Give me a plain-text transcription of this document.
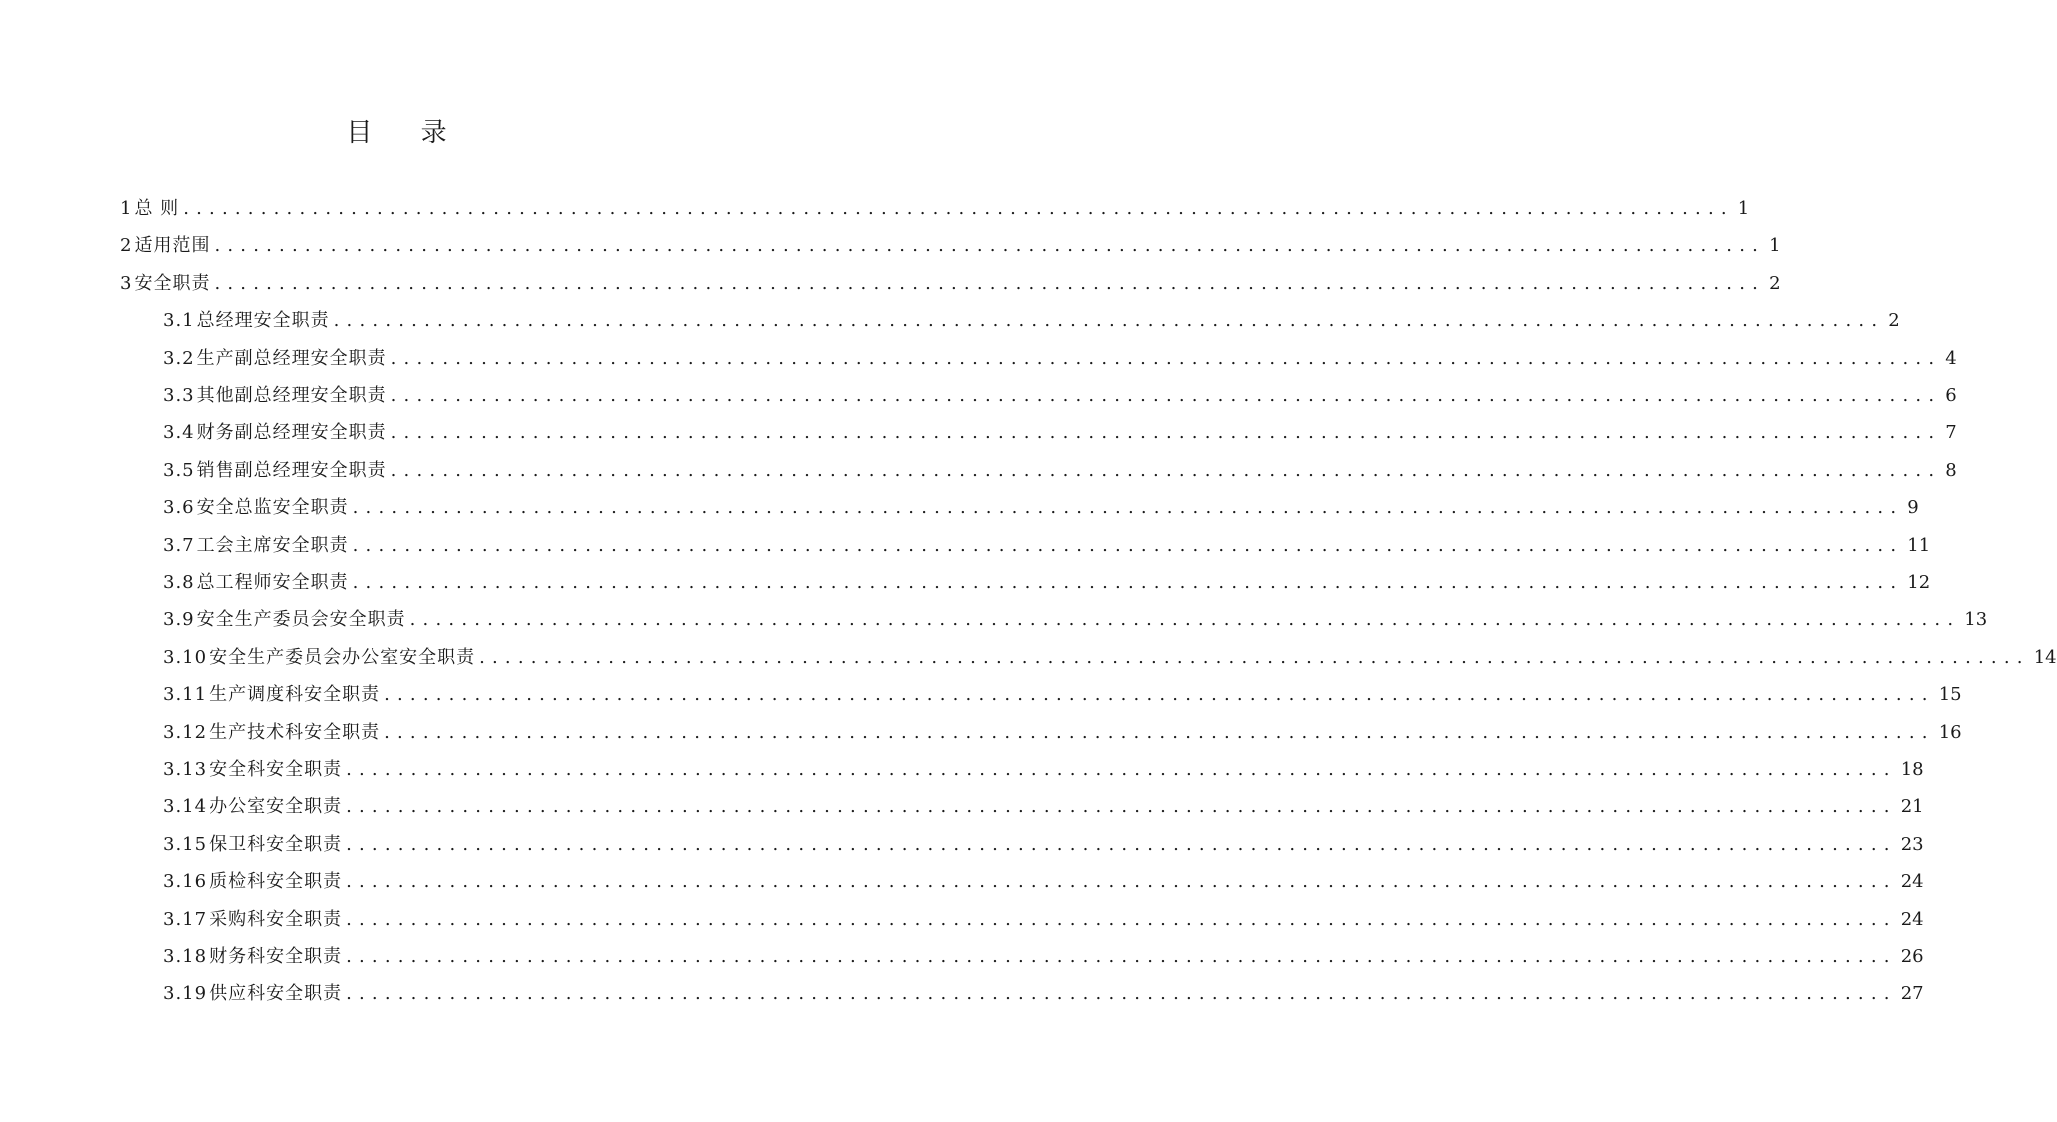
目 录
1 总 则 ........................................................................................................................ 1
2 适用范围 ........................................................................................................................ 1
3 安全职责 ........................................................................................................................ 2
3.1 总经理安全职责 ........................................................................................................................ 2
3.2 生产副总经理安全职责 ........................................................................................................................ 4
3.3 其他副总经理安全职责 ........................................................................................................................ 6
3.4 财务副总经理安全职责 ........................................................................................................................ 7
3.5 销售副总经理安全职责 ........................................................................................................................ 8
3.6 安全总监安全职责 ........................................................................................................................ 9
3.7 工会主席安全职责 ........................................................................................................................ 11
3.8 总工程师安全职责 ........................................................................................................................ 12
3.9 安全生产委员会安全职责 ........................................................................................................................ 13
3.10 安全生产委员会办公室安全职责 ........................................................................................................................ 14
3.11 生产调度科安全职责 ........................................................................................................................ 15
3.12 生产技术科安全职责 ........................................................................................................................ 16
3.13 安全科安全职责 ........................................................................................................................ 18
3.14 办公室安全职责 ........................................................................................................................ 21
3.15 保卫科安全职责 ........................................................................................................................ 23
3.16 质检科安全职责 ........................................................................................................................ 24
3.17 采购科安全职责 ........................................................................................................................ 24
3.18 财务科安全职责 ........................................................................................................................ 26
3.19 供应科安全职责 ........................................................................................................................ 27
